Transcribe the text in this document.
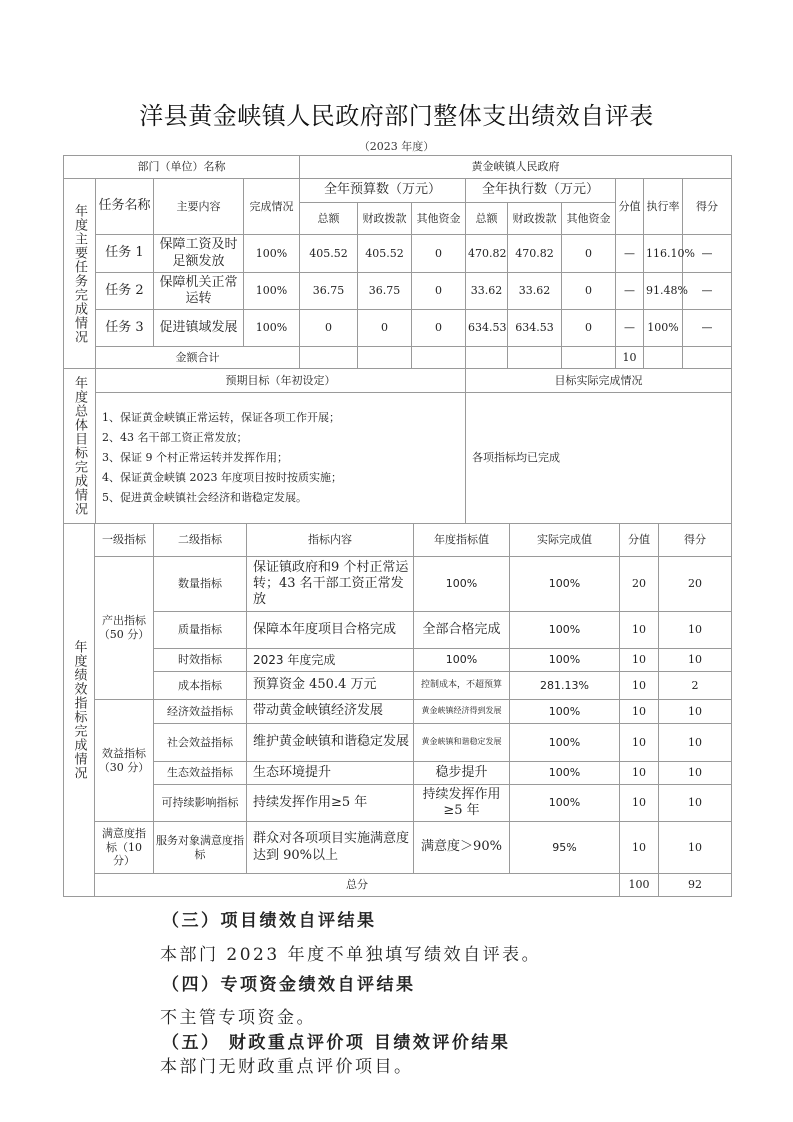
洋县黄金峡镇人民政府部门整体支出绩效自评表
（2023 年度）
部门（单位）名称	黄金峡镇人民政府

年度主要任务完成情况	任务名称	主要内容	完成情况	全年预算数（万元）	全年执行数（万元）	分值	执行率	得分
总额	财政拨款	其他资金	总额	财政拨款	其他资金
任务 1	保障工资及时 足额发放	100%	405.52	405.52	0	470.82	470.82	0	—	116.10%	—
任务 2	保障机关正常 运转	100%	36.75	36.75	0	33.62	33.62	0	—	91.48%	—
任务 3	促进镇域发展	100%	0	0	0	634.53	634.53	0	—	100%	—
金额合计							10		
年度总体目标完成情况	预期目标（年初设定）	目标实际完成情况

1、保证黄金峡镇正常运转，保证各项工作开展；
2、43 名干部工资正常发放；
3、保证 9 个村正常运转并发挥作用；
4、保证黄金峡镇 2023 年度项目按时按质实施；
5、促进黄金峡镇社会经济和谐稳定发展。
	各项指标均已完成
年度绩效指标完成情况
	一级指标	二级指标	指标内容	年度指标值	实际完成值	分值	得分
产出指标（50 分）	数量指标	保证镇政府和9 个村正常运转；43 名干部工资正常发放	100%	100%	20	20
质量指标	保障本年度项目合格完成	全部合格完成	100%	10	10
时效指标	2023 年度完成	100%	100%	10	10
成本指标	预算资金 450.4 万元	控制成本，不超预算	281.13%	10	2
效益指标（30 分）	经济效益指标	带动黄金峡镇经济发展	黄金峡镇经济得到发展	100%	10	10
社会效益指标	维护黄金峡镇和谐稳定发展	黄金峡镇和谐稳定发展	100%	10	10
生态效益指标	生态环境提升	稳步提升	100%	10	10
可持续影响指标	持续发挥作用≥5 年	持续发挥作用≥5 年	100%	10	10
满意度指标（10 分）	服务对象满意度指标	群众对各项项目实施满意度 达到 90%以上	满意度＞90%	95%	10	10
总分	100	92
（三）项目绩效自评结果
本部门 2023 年度不单独填写绩效自评表。
（四）专项资金绩效自评结果
不主管专项资金。
（五） 财政重点评价项 目绩效评价结果
本部门无财政重点评价项目。
